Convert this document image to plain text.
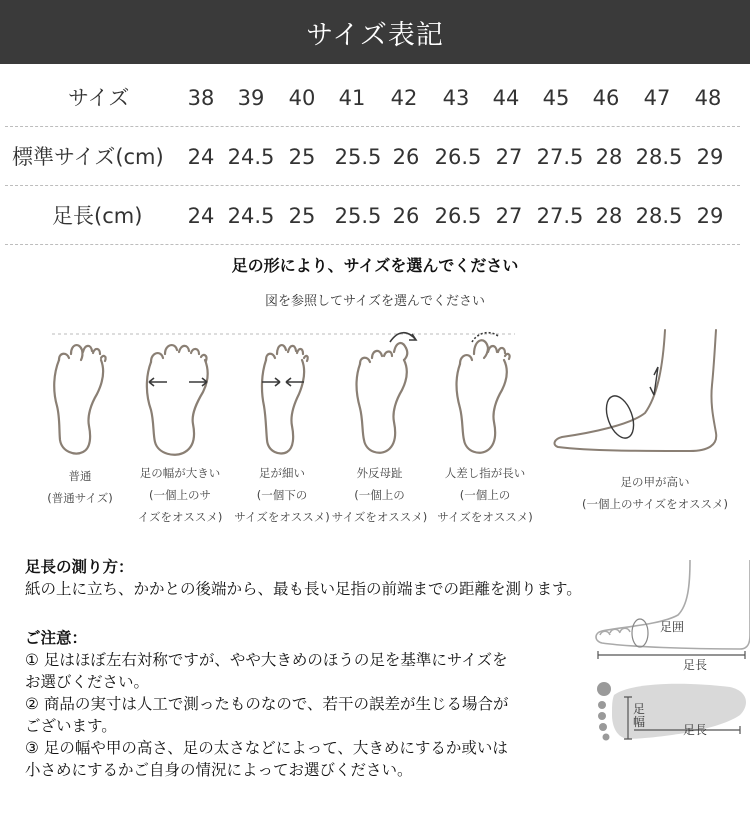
サイズ表記
サイズ	38	39	40	41	42	43	44	45	46	47	48
標準サイズ(cm)	24 24.5 25 25.5 26 26.5 27 27.5 28 28.5 29
足長(cm)	24 24.5 25 25.5 26 26.5 27 27.5 28 28.5 29
足の形により、サイズを選んでください
図を参照してサイズを選んでください
普通
(普通サイズ)
足の幅が大きい
(一個上のサ
イズをオススメ)
足が細い
(一個下の
サイズをオススメ)
外反母趾
(一個上の
サイズをオススメ)
人差し指が長い
(一個上の
サイズをオススメ)
足の甲が高い
(一個上のサイズをオススメ)
足長の測り方：
紙の上に立ち、かかとの後端から、最も長い足指の前端までの距離を測ります。
ご注意：
① 足はほぼ左右対称ですが、やや大きめのほうの足を基準にサイズを
お選びください。
② 商品の実寸は人工で測ったものなので、若干の誤差が生じる場合が
ございます。
③ 足の幅や甲の高さ、足の太さなどによって、大きめにするか或いは
小さめにするかご自身の情況によってお選びください。
足囲
足長
足幅
足長
